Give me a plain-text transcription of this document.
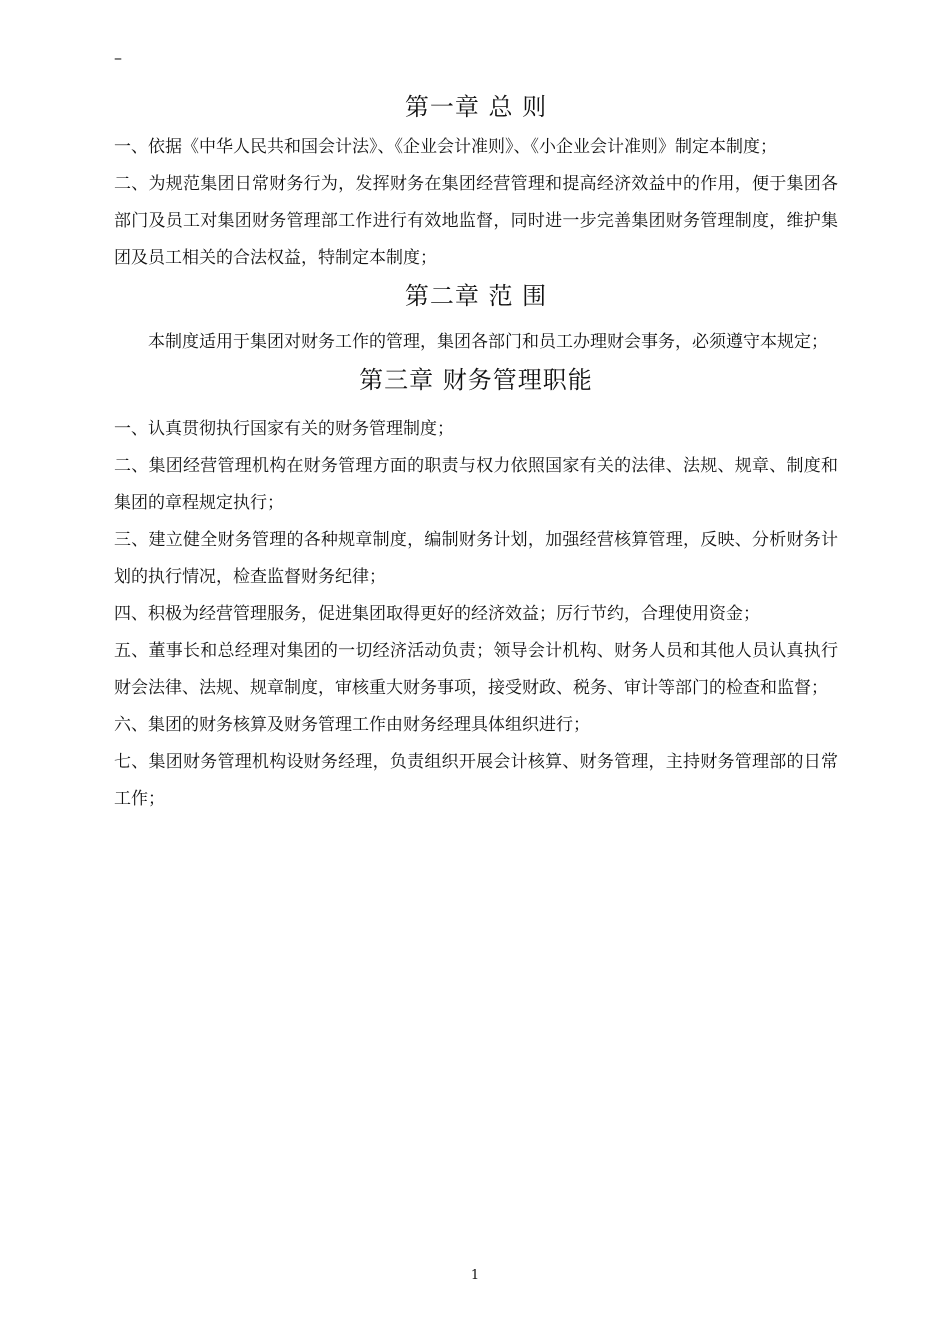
–
第一章 总 则

一、依据《中华人民共和国会计法》、《企业会计准则》、《小企业会计准则》制定本制度；

二、为规范集团日常财务行为，发挥财务在集团经营管理和提高经济效益中的作用，便于集团各部门及员工对集团财务管理部工作进行有效地监督，同时进一步完善集团财务管理制度，维护集团及员工相关的合法权益，特制定本制度；

第二章 范 围

本制度适用于集团对财务工作的管理，集团各部门和员工办理财会事务，必须遵守本规定；

第三章 财务管理职能

一、认真贯彻执行国家有关的财务管理制度；

二、集团经营管理机构在财务管理方面的职责与权力依照国家有关的法律、法规、规章、制度和集团的章程规定执行；

三、建立健全财务管理的各种规章制度，编制财务计划，加强经营核算管理，反映、分析财务计划的执行情况，检查监督财务纪律；

四、积极为经营管理服务，促进集团取得更好的经济效益；厉行节约，合理使用资金；

五、董事长和总经理对集团的一切经济活动负责；领导会计机构、财务人员和其他人员认真执行财会法律、法规、规章制度，审核重大财务事项，接受财政、税务、审计等部门的检查和监督；

六、集团的财务核算及财务管理工作由财务经理具体组织进行；

七、集团财务管理机构设财务经理，负责组织开展会计核算、财务管理，主持财务管理部的日常工作；

1
